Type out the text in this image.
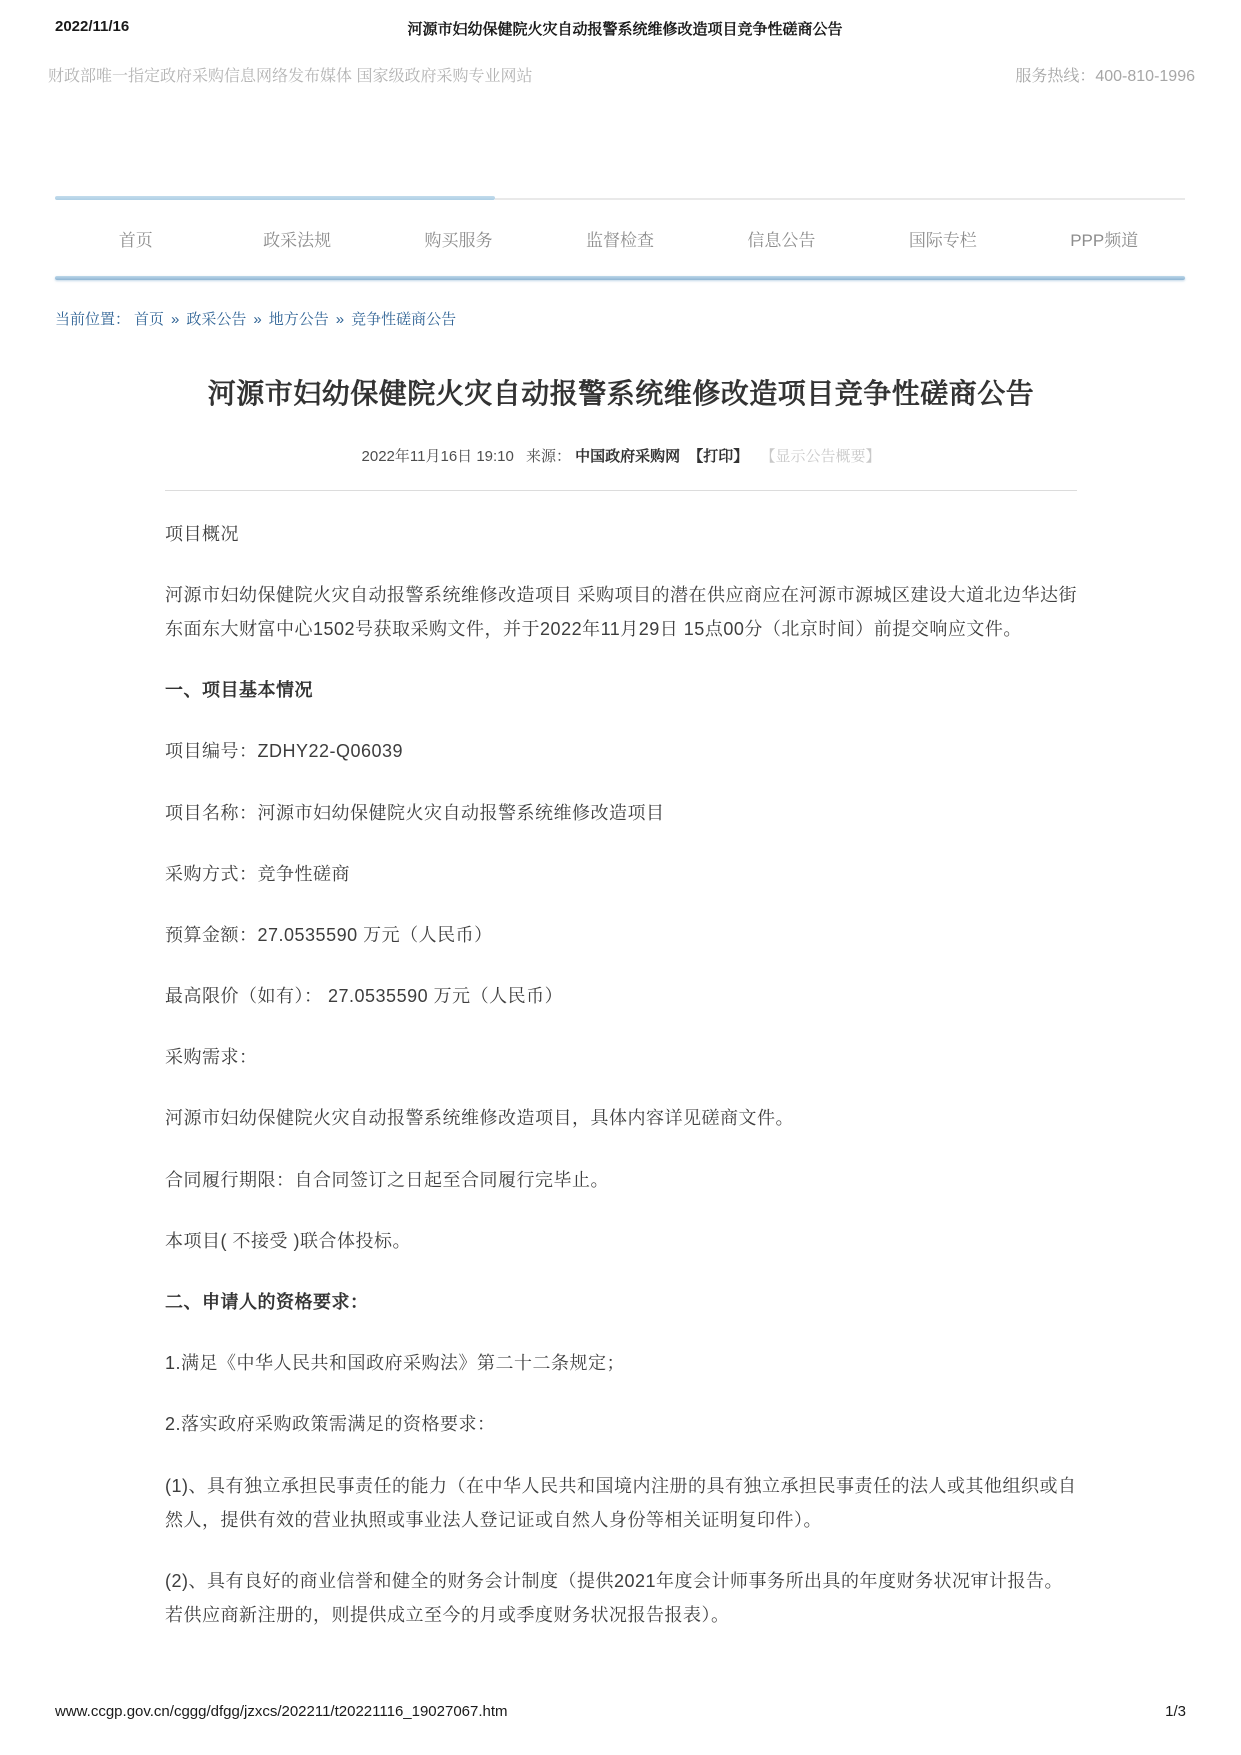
2022/11/16	河源市妇幼保健院火灾自动报警系统维修改造项目竞争性磋商公告
财政部唯一指定政府采购信息网络发布媒体 国家级政府采购专业网站	服务热线：400-810-1996
首页	政采法规	购买服务	监督检查	信息公告	国际专栏	PPP频道
当前位置： 首页 » 政采公告 » 地方公告 » 竞争性磋商公告
河源市妇幼保健院火灾自动报警系统维修改造项目竞争性磋商公告
2022年11月16日 19:10 来源： 中国政府采购网 【打印】 【显示公告概要】

项目概况

河源市妇幼保健院火灾自动报警系统维修改造项目 采购项目的潜在供应商应在河源市源城区建设大道北边华达街东面东大财富中心1502号获取采购文件，并于2022年11月29日 15点00分（北京时间）前提交响应文件。

一、项目基本情况

项目编号：ZDHY22-Q06039

项目名称：河源市妇幼保健院火灾自动报警系统维修改造项目

采购方式：竞争性磋商

预算金额：27.0535590 万元（人民币）

最高限价（如有）： 27.0535590 万元（人民币）

采购需求：

河源市妇幼保健院火灾自动报警系统维修改造项目，具体内容详见磋商文件。

合同履行期限：自合同签订之日起至合同履行完毕止。

本项目( 不接受 )联合体投标。

二、申请人的资格要求：

1.满足《中华人民共和国政府采购法》第二十二条规定；

2.落实政府采购政策需满足的资格要求：

(1)、具有独立承担民事责任的能力（在中华人民共和国境内注册的具有独立承担民事责任的法人或其他组织或自然人，提供有效的营业执照或事业法人登记证或自然人身份等相关证明复印件）。

(2)、具有良好的商业信誉和健全的财务会计制度（提供2021年度会计师事务所出具的年度财务状况审计报告。若供应商新注册的，则提供成立至今的月或季度财务状况报告报表）。

www.ccgp.gov.cn/cggg/dfgg/jzxcs/202211/t20221116_19027067.htm	1/3
